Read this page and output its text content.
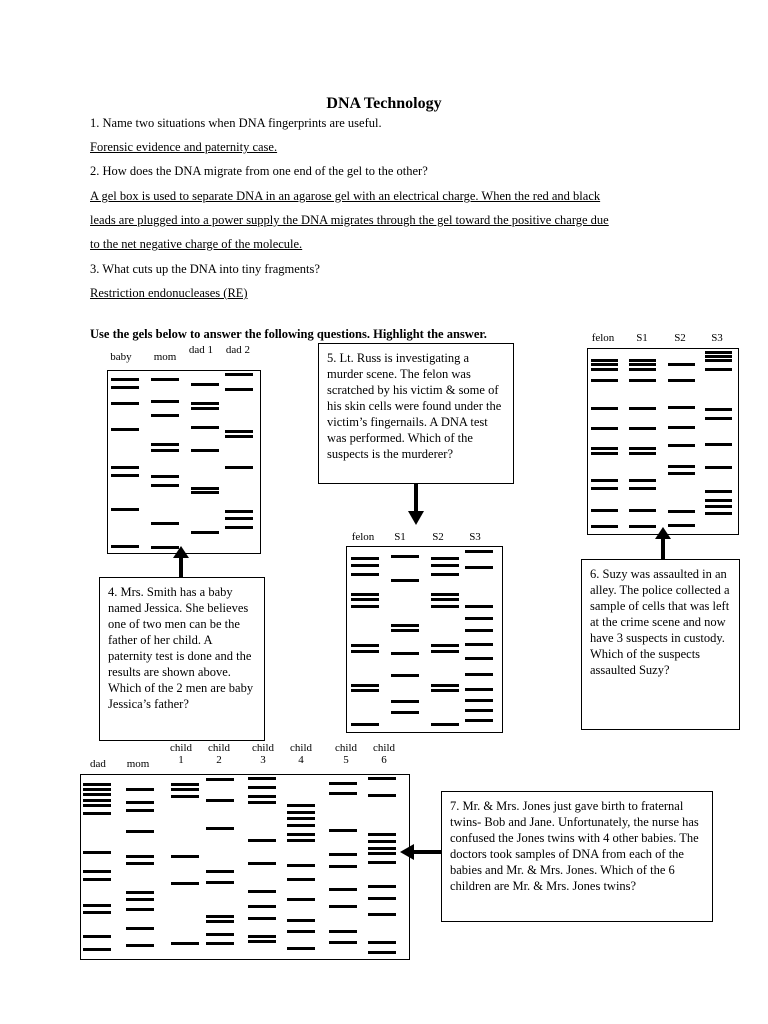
DNA Technology
1. Name two situations when DNA fingerprints are useful.
Forensic evidence and paternity case.
2. How does the DNA migrate from one end of the gel to the other?
A gel box is used to separate DNA in an agarose gel with an electrical charge. When the red and black
leads are plugged into a power supply the DNA migrates through the gel toward the positive charge due
to the net negative charge of the molecule.
3. What cuts up the DNA into tiny fragments?
Restriction endonucleases (RE)
Use the gels below to answer the following questions. Highlight the answer.
baby	mom
dad 1	dad 2
4. Mrs. Smith has a baby named Jessica. She believes one of two men can be the father of her child. A paternity test is done and the results are shown above. Which of the 2 men are baby Jessica’s father?
5. Lt. Russ is investigating a murder scene. The felon was scratched by his victim & some of his skin cells were found under the victim’s fingernails. A DNA test was performed. Which of the suspects is the murderer?
felon	S1	S2	S3
felon	S1	S2	S3
6. Suzy was assaulted in an alley. The police collected a sample of cells that was left at the crime scene and now have 3 suspects in custody. Which of the suspects assaulted Suzy?
dad	mom
child 1
child 2
child 3
child 4
child 5
child 6
7. Mr. & Mrs. Jones just gave birth to fraternal twins- Bob and Jane. Unfortunately, the nurse has confused the Jones twins with 4 other babies. The doctors took samples of DNA from each of the babies and Mr. & Mrs. Jones. Which of the 6 children are Mr. & Mrs. Jones twins?
